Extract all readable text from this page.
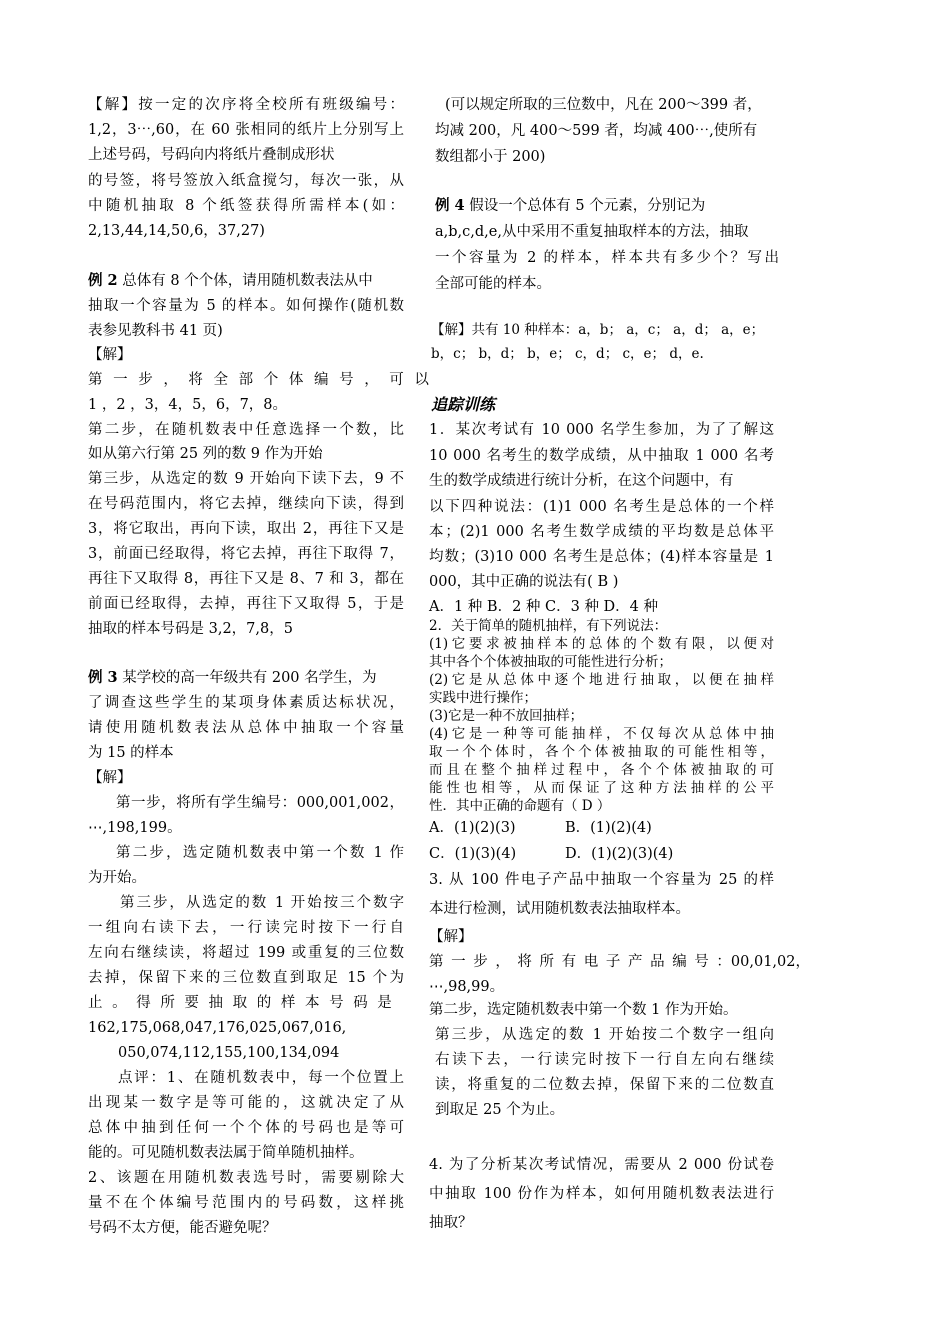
【解】按一定的次序将全校所有班级编号：
1,2，3⋯,60，在 60 张相同的纸片上分别写上
上述号码，号码向内将纸片叠制成形状
的号签，将号签放入纸盒搅匀，每次一张，从
中随机抽取 8 个纸签获得所需样本(如：
2,13,44,14,50,6，37,27)
例 2 总体有 8 个个体，请用随机数表法从中
抽取一个容量为 5 的样本。如何操作(随机数
表参见教科书 41 页)
【解】
第 一 步 ， 将 全 部 个 体 编 号 ， 可 以
1 ，2 ，3，4，5，6，7，8。
第二步，在随机数表中任意选择一个数，比
如从第六行第 25 列的数 9 作为开始
第三步，从选定的数 9 开始向下读下去，9 不
在号码范围内，将它去掉，继续向下读，得到
3，将它取出，再向下读，取出 2，再往下又是
3，前面已经取得，将它去掉，再往下取得 7，
再往下又取得 8，再往下又是 8、7 和 3，都在
前面已经取得，去掉，再往下又取得 5，于是
抽取的样本号码是 3,2，7,8，5
例 3 某学校的高一年级共有 200 名学生，为
了调查这些学生的某项身体素质达标状况，
请使用随机数表法从总体中抽取一个容量
为 15 的样本
【解】
第一步，将所有学生编号：000,001,002，
⋯,198,199。
第二步，选定随机数表中第一个数 1 作
为开始。
第三步，从选定的数 1 开始按三个数字
一组向右读下去，一行读完时按下一行自
左向右继续读，将超过 199 或重复的三位数
去掉，保留下来的三位数直到取足 15 个为
止 。 得 所 要 抽 取 的 样 本 号 码 是
162,175,068,047,176,025,067,016,
050,074,112,155,100,134,094
点评：1、在随机数表中，每一个位置上
出现某一数字是等可能的，这就决定了从
总体中抽到任何一个个体的号码也是等可
能的。可见随机数表法属于简单随机抽样。
2、该题在用随机数表选号时，需要剔除大
量不在个体编号范围内的号码数，这样挑
号码不太方便，能否避免呢？
(可以规定所取的三位数中，凡在 200～399 者，
均减 200，凡 400～599 者，均减 400⋯,使所有
数组都小于 200)
例 4 假设一个总体有 5 个元素，分别记为
a,b,c,d,e,从中采用不重复抽取样本的方法，抽取
一个容量为 2 的样本，样本共有多少个？写出
全部可能的样本。
【解】共有 10 种样本：a，b； a，c； a，d； a，e；
b，c； b，d； b，e； c，d； c，e； d，e.
追踪训练
1．某次考试有 10 000 名学生参加，为了了解这
10 000 名考生的数学成绩，从中抽取 1 000 名考
生的数学成绩进行统计分析，在这个问题中，有
以下四种说法：(1)1 000 名考生是总体的一个样
本；(2)1 000 名考生数学成绩的平均数是总体平
均数；(3)10 000 名考生是总体；(4)样本容量是 1
000，其中正确的说法有( B )
A．1 种 B．2 种 C．3 种 D．4 种
2．关于简单的随机抽样，有下列说法：
(1)它要求被抽样本的总体的个数有限，以便对
其中各个个体被抽取的可能性进行分析；
(2)它是从总体中逐个地进行抽取，以便在抽样
实践中进行操作；
(3)它是一种不放回抽样；
(4)它是一种等可能抽样，不仅每次从总体中抽
取一个个体时，各个个体被抽取的可能性相等，
而且在整个抽样过程中，各个个体被抽取的可
能性也相等，从而保证了这种方法抽样的公平
性．其中正确的命题有（ D ）
A．(1)(2)(3)	B．(1)(2)(4)
C．(1)(3)(4)	D．(1)(2)(3)(4)
3. 从 100 件电子产品中抽取一个容量为 25 的样
本进行检测，试用随机数表法抽取样本。
【解】
第 一 步 ， 将 所 有 电 子 产 品 编 号 ：00,01,02，
⋯,98,99。
第二步，选定随机数表中第一个数 1 作为开始。
第三步，从选定的数 1 开始按二个数字一组向
右读下去，一行读完时按下一行自左向右继续
读，将重复的二位数去掉，保留下来的二位数直
到取足 25 个为止。
4. 为了分析某次考试情况，需要从 2 000 份试卷
中抽取 100 份作为样本，如何用随机数表法进行
抽取？
